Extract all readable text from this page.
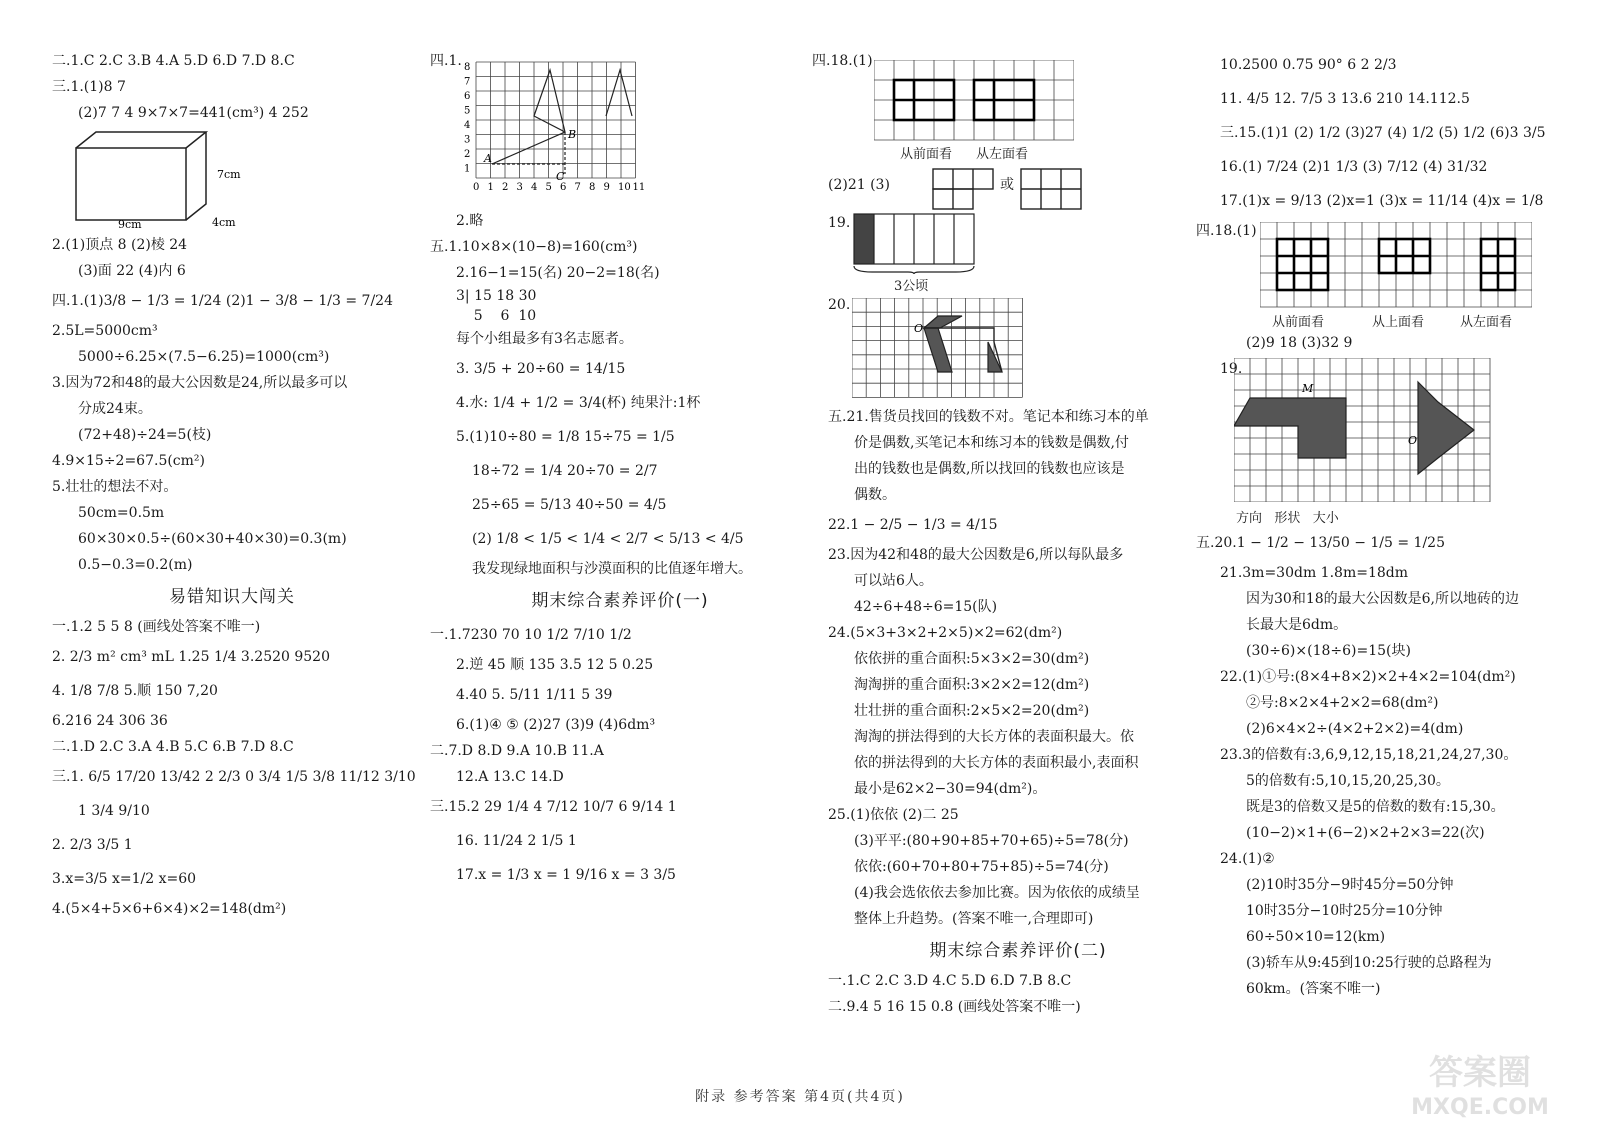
二.1.C 2.C 3.B 4.A 5.D 6.D 7.D 8.C
三.1.(1)8 7
(2)7 7 4 9×7×7=441(cm³) 4 252
7cm
9cm	4cm
2.(1)顶点 8 (2)棱 24
(3)面 22 (4)内 6
四.1.(1)3/8 − 1/3 = 1/24 (2)1 − 3/8 − 1/3 = 7/24
2.5L=5000cm³
5000÷6.25×(7.5−6.25)=1000(cm³)
3.因为72和48的最大公因数是24,所以最多可以
分成24束。
(72+48)÷24=5(枝)
4.9×15÷2=67.5(cm²)
5.壮壮的想法不对。
50cm=0.5m
60×30×0.5÷(60×30+40×30)=0.3(m)
0.5−0.3=0.2(m)
易错知识大闯关
一.1.2 5 5 8 (画线处答案不唯一)
2. 2/3 m² cm³ mL 1.25 1/4 3.2520 9520
4. 1/8 7/8 5.顺 150 7,20
6.216 24 306 36
二.1.D 2.C 3.A 4.B 5.C 6.B 7.D 8.C
三.1. 6/5 17/20 13/42 2 2/3 0 3/4 1/5 3/8 11/12 3/10
1 3/4 9/10
2. 2/3 3/5 1
3.x=3/5 x=1/2 x=60
4.(5×4+5×6+6×4)×2=148(dm²)
四.1.
A
B
C
0 1 2 3 4 5 6 7 8 9 10 11
1
2
3
4
5
6
7
8
2.略
五.1.10×8×(10−8)=160(cm³)
2.16−1=15(名) 20−2=18(名)
3| 15 18 30
5    6  10
每个小组最多有3名志愿者。
3. 3/5 + 20÷60 = 14/15
4.水: 1/4 + 1/2 = 3/4(杯) 纯果汁:1杯
5.(1)10÷80 = 1/8 15÷75 = 1/5
18÷72 = 1/4 20÷70 = 2/7
25÷65 = 5/13 40÷50 = 4/5
(2) 1/8 < 1/5 < 1/4 < 2/7 < 5/13 < 4/5
我发现绿地面积与沙漠面积的比值逐年增大。
期末综合素养评价(一)
一.1.7230 70 10 1/2 7/10 1/2
2.逆 45 顺 135 3.5 12 5 0.25
4.40 5. 5/11 1/11 5 39
6.(1)④ ⑤ (2)27 (3)9 (4)6dm³
二.7.D 8.D 9.A 10.B 11.A
12.A 13.C 14.D
三.15.2 29 1/4 4 7/12 10/7 6 9/14 1
16. 11/24 2 1/5 1
17.x = 1/3 x = 1 9/16 x = 3 3/5
四.18.(1)
从前面看 从左面看
(2)21 (3)	或
19.
3公顷
20.
O
五.21.售货员找回的钱数不对。笔记本和练习本的单
价是偶数,买笔记本和练习本的钱数是偶数,付
出的钱数也是偶数,所以找回的钱数也应该是
偶数。
22.1 − 2/5 − 1/3 = 4/15
23.因为42和48的最大公因数是6,所以每队最多
可以站6人。
42÷6+48÷6=15(队)
24.(5×3+3×2+2×5)×2=62(dm²)
依依拼的重合面积:5×3×2=30(dm²)
淘淘拼的重合面积:3×2×2=12(dm²)
壮壮拼的重合面积:2×5×2=20(dm²)
淘淘的拼法得到的大长方体的表面积最大。依
依的拼法得到的大长方体的表面积最小,表面积
最小是62×2−30=94(dm²)。
25.(1)依依 (2)二 25
(3)平平:(80+90+85+70+65)÷5=78(分)
依依:(60+70+80+75+85)÷5=74(分)
(4)我会选依依去参加比赛。因为依依的成绩呈
整体上升趋势。(答案不唯一,合理即可)
期末综合素养评价(二)
一.1.C 2.C 3.D 4.C 5.D 6.D 7.B 8.C
二.9.4 5 16 15 0.8 (画线处答案不唯一)
10.2500 0.75 90° 6 2 2/3
11. 4/5 12. 7/5 3 13.6 210 14.112.5
三.15.(1)1 (2) 1/2 (3)27 (4) 1/2 (5) 1/2 (6)3 3/5
16.(1) 7/24 (2)1 1/3 (3) 7/12 (4) 31/32
17.(1)x = 9/13 (2)x=1 (3)x = 11/14 (4)x = 1/8
四.18.(1)
从前面看	从上面看	从左面看
(2)9 18 (3)32 9
19.
M
O
方向   形状   大小
五.20.1 − 1/2 − 13/50 − 1/5 = 1/25
21.3m=30dm 1.8m=18dm
因为30和18的最大公因数是6,所以地砖的边
长最大是6dm。
(30÷6)×(18÷6)=15(块)
22.(1)①号:(8×4+8×2)×2+4×2=104(dm²)
②号:8×2×4+2×2=68(dm²)
(2)6×4×2÷(4×2+2×2)=4(dm)
23.3的倍数有:3,6,9,12,15,18,21,24,27,30。
5的倍数有:5,10,15,20,25,30。
既是3的倍数又是5的倍数的数有:15,30。
(10−2)×1+(6−2)×2+2×3=22(次)
24.(1)②
(2)10时35分−9时45分=50分钟
10时35分−10时25分=10分钟
60÷50×10=12(km)
(3)轿车从9:45到10:25行驶的总路程为
60km。(答案不唯一)
附录 参考答案 第4页(共4页)
答案圈
MXQE.COM
